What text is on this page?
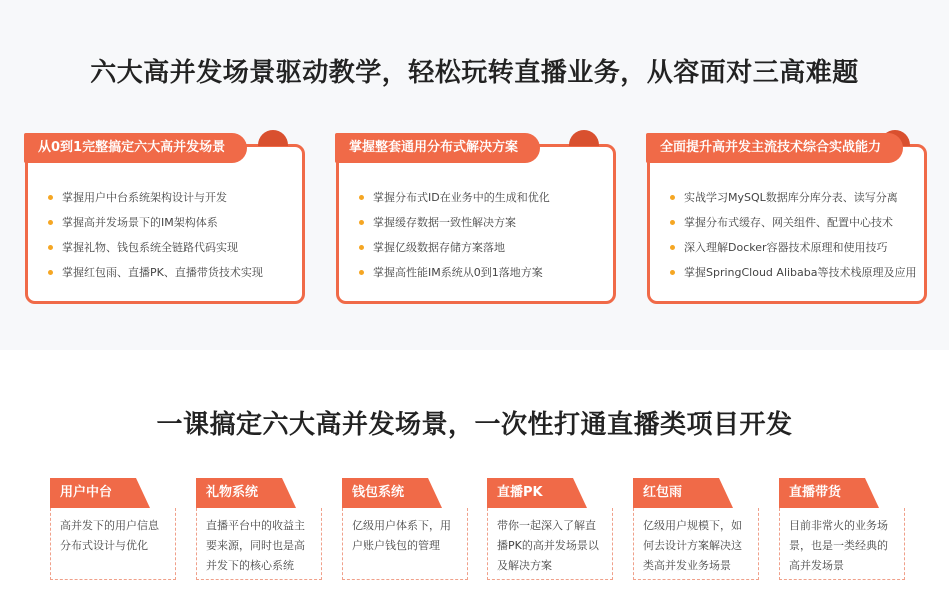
六大高并发场景驱动教学，轻松玩转直播业务，从容面对三高难题
从0到1完整搞定六大高并发场景
掌握用户中台系统架构设计与开发
掌握高并发场景下的IM架构体系
掌握礼物、钱包系统全链路代码实现
掌握红包雨、直播PK、直播带货技术实现
掌握整套通用分布式解决方案
掌握分布式ID在业务中的生成和优化
掌握缓存数据一致性解决方案
掌握亿级数据存储方案落地
掌握高性能IM系统从0到1落地方案
全面提升高并发主流技术综合实战能力
实战学习MySQL数据库分库分表、读写分离
掌握分布式缓存、网关组件、配置中心技术
深入理解Docker容器技术原理和使用技巧
掌握SpringCloud Alibaba等技术栈原理及应用
一课搞定六大高并发场景，一次性打通直播类项目开发
用户中台
高并发下的用户信息分布式设计与优化
礼物系统
直播平台中的收益主要来源，同时也是高并发下的核心系统
钱包系统
亿级用户体系下，用户账户钱包的管理
直播PK
带你一起深入了解直播PK的高并发场景以及解决方案
红包雨
亿级用户规模下，如何去设计方案解决这类高并发业务场景
直播带货
目前非常火的业务场景，也是一类经典的高并发场景
